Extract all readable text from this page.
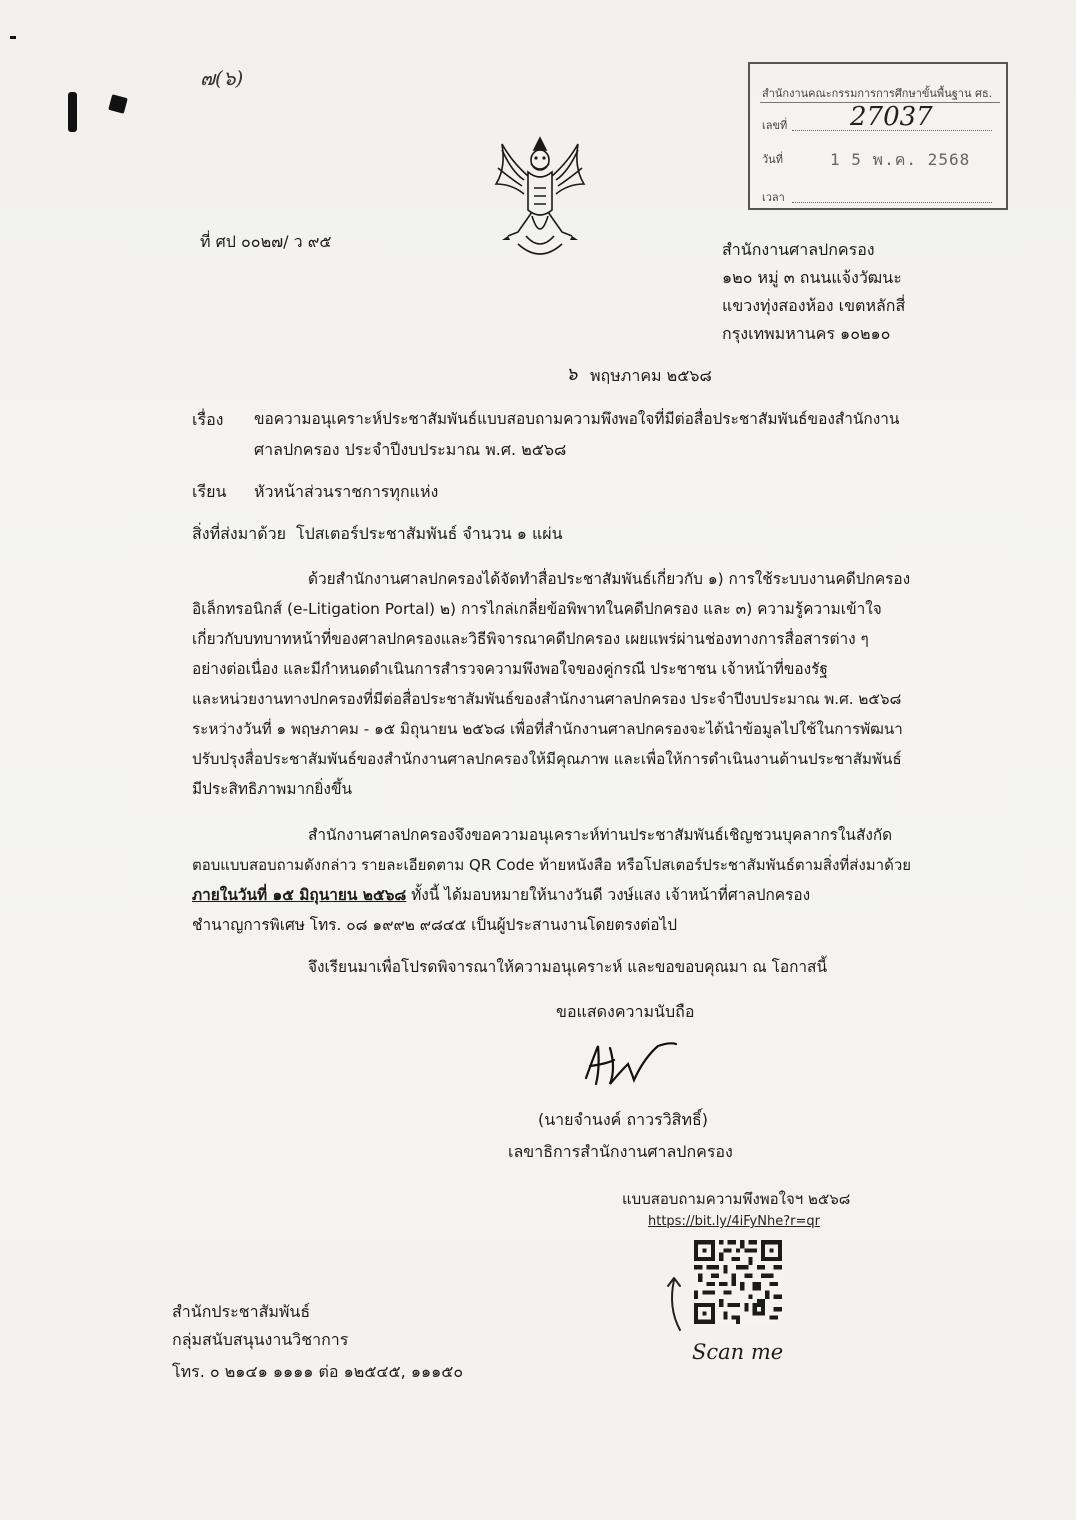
๗(๖)
สำนักงานคณะกรรมการการศึกษาขั้นพื้นฐาน ศธ.
เลขที่ 27037
วันที่	1 5 พ.ค. 2568
เวลา
ที่ ศป ๐๐๒๗/ ว ๙๕	สำนักงานศาลปกครอง
๑๒๐ หมู่ ๓ ถนนแจ้งวัฒนะ
แขวงทุ่งสองห้อง เขตหลักสี่
กรุงเทพมหานคร ๑๐๒๑๐
๖ พฤษภาคม ๒๕๖๘
เรื่อง ขอความอนุเคราะห์ประชาสัมพันธ์แบบสอบถามความพึงพอใจที่มีต่อสื่อประชาสัมพันธ์ของสำนักงาน
ศาลปกครอง ประจำปีงบประมาณ พ.ศ. ๒๕๖๘
เรียน หัวหน้าส่วนราชการทุกแห่ง
สิ่งที่ส่งมาด้วย โปสเตอร์ประชาสัมพันธ์ จำนวน ๑ แผ่น
ด้วยสำนักงานศาลปกครองได้จัดทำสื่อประชาสัมพันธ์เกี่ยวกับ ๑) การใช้ระบบงานคดีปกครอง
อิเล็กทรอนิกส์ (e-Litigation Portal) ๒) การไกล่เกลี่ยข้อพิพาทในคดีปกครอง และ ๓) ความรู้ความเข้าใจ
เกี่ยวกับบทบาทหน้าที่ของศาลปกครองและวิธีพิจารณาคดีปกครอง เผยแพร่ผ่านช่องทางการสื่อสารต่าง ๆ
อย่างต่อเนื่อง และมีกำหนดดำเนินการสำรวจความพึงพอใจของคู่กรณี ประชาชน เจ้าหน้าที่ของรัฐ
และหน่วยงานทางปกครองที่มีต่อสื่อประชาสัมพันธ์ของสำนักงานศาลปกครอง ประจำปีงบประมาณ พ.ศ. ๒๕๖๘
ระหว่างวันที่ ๑ พฤษภาคม - ๑๕ มิถุนายน ๒๕๖๘ เพื่อที่สำนักงานศาลปกครองจะได้นำข้อมูลไปใช้ในการพัฒนา
ปรับปรุงสื่อประชาสัมพันธ์ของสำนักงานศาลปกครองให้มีคุณภาพ และเพื่อให้การดำเนินงานด้านประชาสัมพันธ์
มีประสิทธิภาพมากยิ่งขึ้น
สำนักงานศาลปกครองจึงขอความอนุเคราะห์ท่านประชาสัมพันธ์เชิญชวนบุคลากรในสังกัด
ตอบแบบสอบถามดังกล่าว รายละเอียดตาม QR Code ท้ายหนังสือ หรือโปสเตอร์ประชาสัมพันธ์ตามสิ่งที่ส่งมาด้วย
ภายในวันที่ ๑๕ มิถุนายน ๒๕๖๘ ทั้งนี้ ได้มอบหมายให้นางวันดี วงษ์แสง เจ้าหน้าที่ศาลปกครอง
ชำนาญการพิเศษ โทร. ๐๘ ๑๙๙๒ ๙๘๔๕ เป็นผู้ประสานงานโดยตรงต่อไป
จึงเรียนมาเพื่อโปรดพิจารณาให้ความอนุเคราะห์ และขอขอบคุณมา ณ โอกาสนี้
ขอแสดงความนับถือ
(นายจำนงค์ ถาวรวิสิทธิ์)
เลขาธิการสำนักงานศาลปกครอง
แบบสอบถามความพึงพอใจฯ ๒๕๖๘
https://bit.ly/4iFyNhe?r=qr
Scan me
สำนักประชาสัมพันธ์
กลุ่มสนับสนุนงานวิชาการ
โทร. ๐ ๒๑๔๑ ๑๑๑๑ ต่อ ๑๒๕๔๕, ๑๑๑๕๐
